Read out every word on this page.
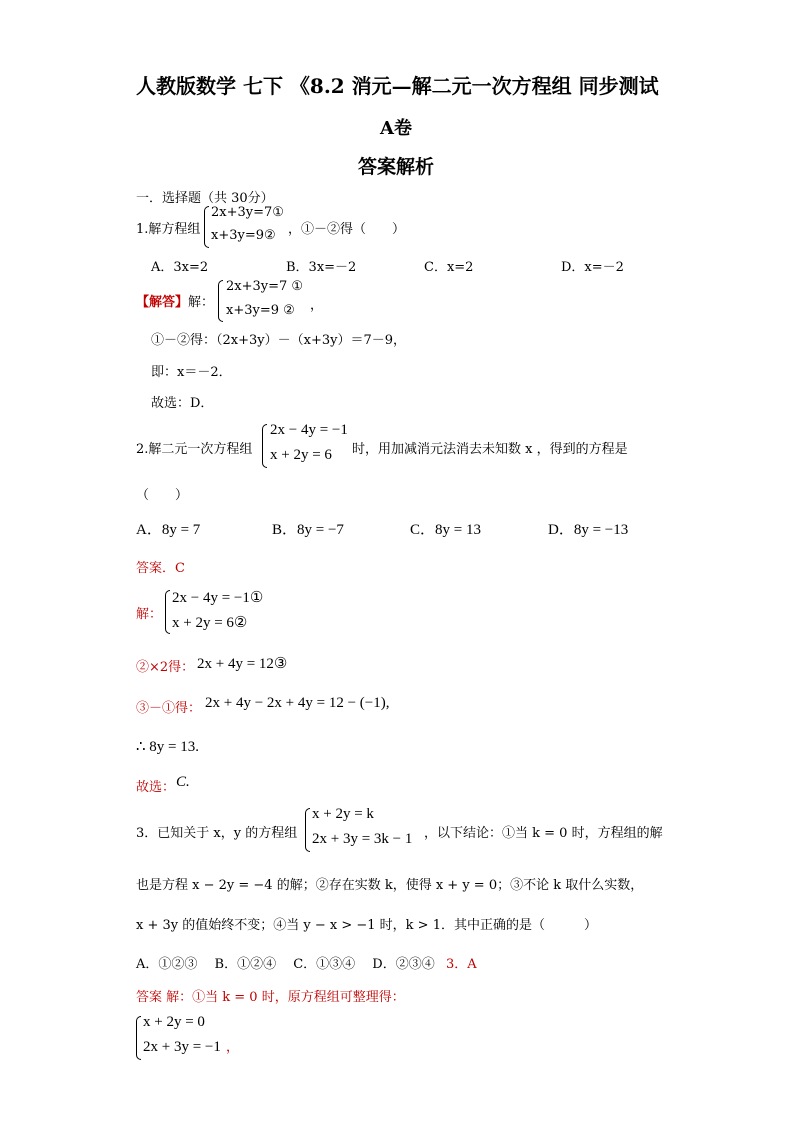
人教版数学 七下 《8.2 消元—解二元一次方程组 同步测试
A卷
答案解析
一．选择题（共 30分）
1.解方程组
2x+3y=7①
x+3y=9② ，①－②得（　　）
A．3x=2	B．3x=－2	C．x=2	D．x=－2
【解答】 解：
2x+3y=7 ①
x+3y=9 ② ，
①－②得：（2x+3y）－（x+3y）＝7－9，
即：x＝－2．
故选：D．
2.解二元一次方程组
2x − 4y = −1
x + 2y = 6 时，用加减消元法消去未知数 x ，得到的方程是
（　　）
A．8y = 7	B．8y = −7	C．8y = 13	D．8y = −13
答案．C
解：
2x − 4y = −1①
x + 2y = 6②
②×2得： 2x + 4y = 12③
③－①得： 2x + 4y − 2x + 4y = 12 − (−1),
∴ 8y = 13.
故选： C.
3．已知关于 x，y 的方程组
x + 2y = k
2x + 3y = 3k − 1 ，以下结论：①当 k = 0 时，方程组的解
也是方程 x − 2y = −4 的解；②存在实数 k，使得 x + y = 0；③不论 k 取什么实数，
x + 3y 的值始终不变；④当 y − x > −1 时，k > 1．其中正确的是（　　　）
A．①②③　 B．①②④　 C．①③④　 D．②③④ 3．A
答案 解：①当 k = 0 时，原方程组可整理得：
x + 2y = 0
2x + 3y = −1 ，
